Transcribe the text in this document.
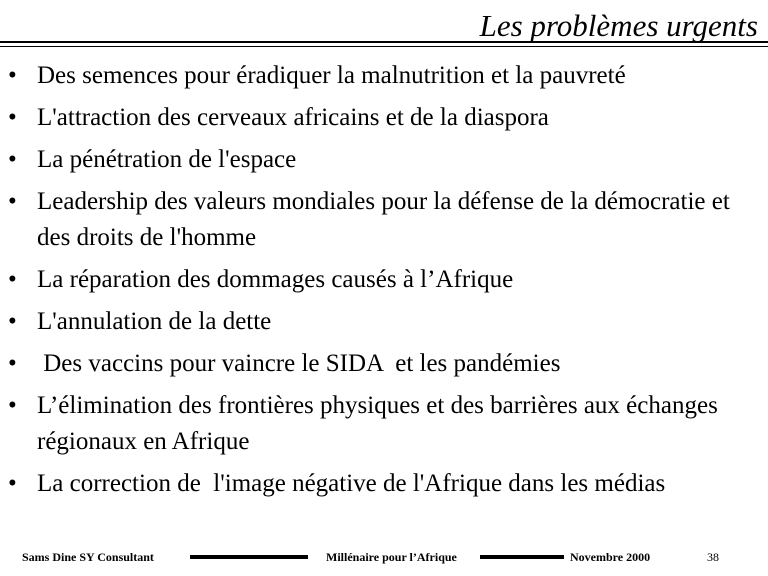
Les problèmes urgents
• Des semences pour éradiquer la malnutrition et la pauvreté
• L'attraction des cerveaux africains et de la diaspora
• La pénétration de l'espace
• Leadership des valeurs mondiales pour la défense de la démocratie et des droits de l'homme
• La réparation des dommages causés à l’Afrique
• L'annulation de la dette
• Des vaccins pour vaincre le SIDA  et les pandémies
• L’élimination des frontières physiques et des barrières aux échanges régionaux en Afrique
• La correction de  l'image négative de l'Afrique dans les médias
Sams Dine SY Consultant	Millénaire pour l’Afrique	Novembre 2000	38
